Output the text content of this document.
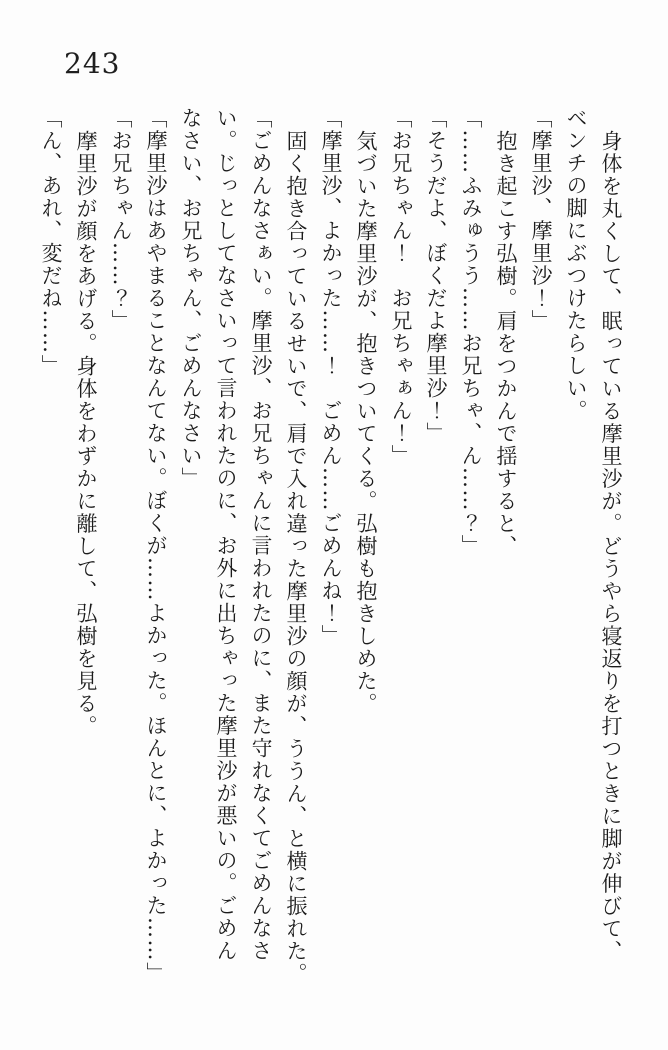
243

身体を丸くして、眠っている摩里沙が。どうやら寝返りを打つときに脚が伸びて、

ベンチの脚にぶつけたらしい。

「摩里沙、摩里沙！」

抱き起こす弘樹。肩をつかんで揺すると、

「……ふみゅうう……お兄ちゃ、ん……？」

「そうだよ、ぼくだよ摩里沙！」

「お兄ちゃん！　お兄ちゃぁん！」

気づいた摩里沙が、抱きついてくる。弘樹も抱きしめた。

「摩里沙、よかった……！　ごめん……ごめんね！」

固く抱き合っているせいで、肩で入れ違った摩里沙の顔が、ううん、と横に振れた。

「ごめんなさぁい。摩里沙、お兄ちゃんに言われたのに、また守れなくてごめんなさ

い。じっとしてなさいって言われたのに、お外に出ちゃった摩里沙が悪いの。ごめん

なさい、お兄ちゃん、ごめんなさい」

「摩里沙はあやまることなんてない。ぼくが……よかった。ほんとに、よかった……」

「お兄ちゃん……？」

摩里沙が顔をあげる。身体をわずかに離して、弘樹を見る。

「ん、あれ、変だね……」
